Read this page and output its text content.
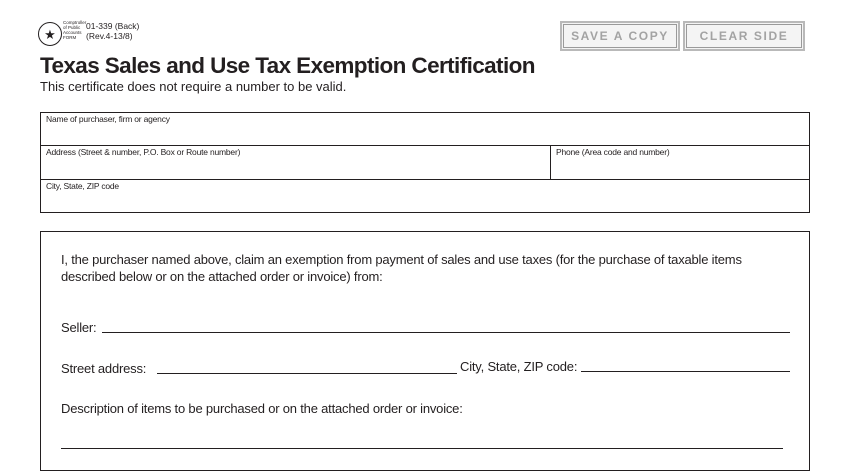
★
Comptroller
of Public
Accounts
FORM
01-339 (Back)
(Rev.4-13/8)	SAVE A COPY	CLEAR SIDE
Texas Sales and Use Tax Exemption Certification
This certificate does not require a number to be valid.
Name of purchaser, firm or agency
Address (Street & number, P.O. Box or Route number)	Phone (Area code and number)
City, State, ZIP code
I, the purchaser named above, claim an exemption from payment of sales and use taxes (for the purchase of taxable items described below or on the attached order or invoice) from:
Seller:
Street address:	City, State, ZIP code:
Description of items to be purchased or on the attached order or invoice:
